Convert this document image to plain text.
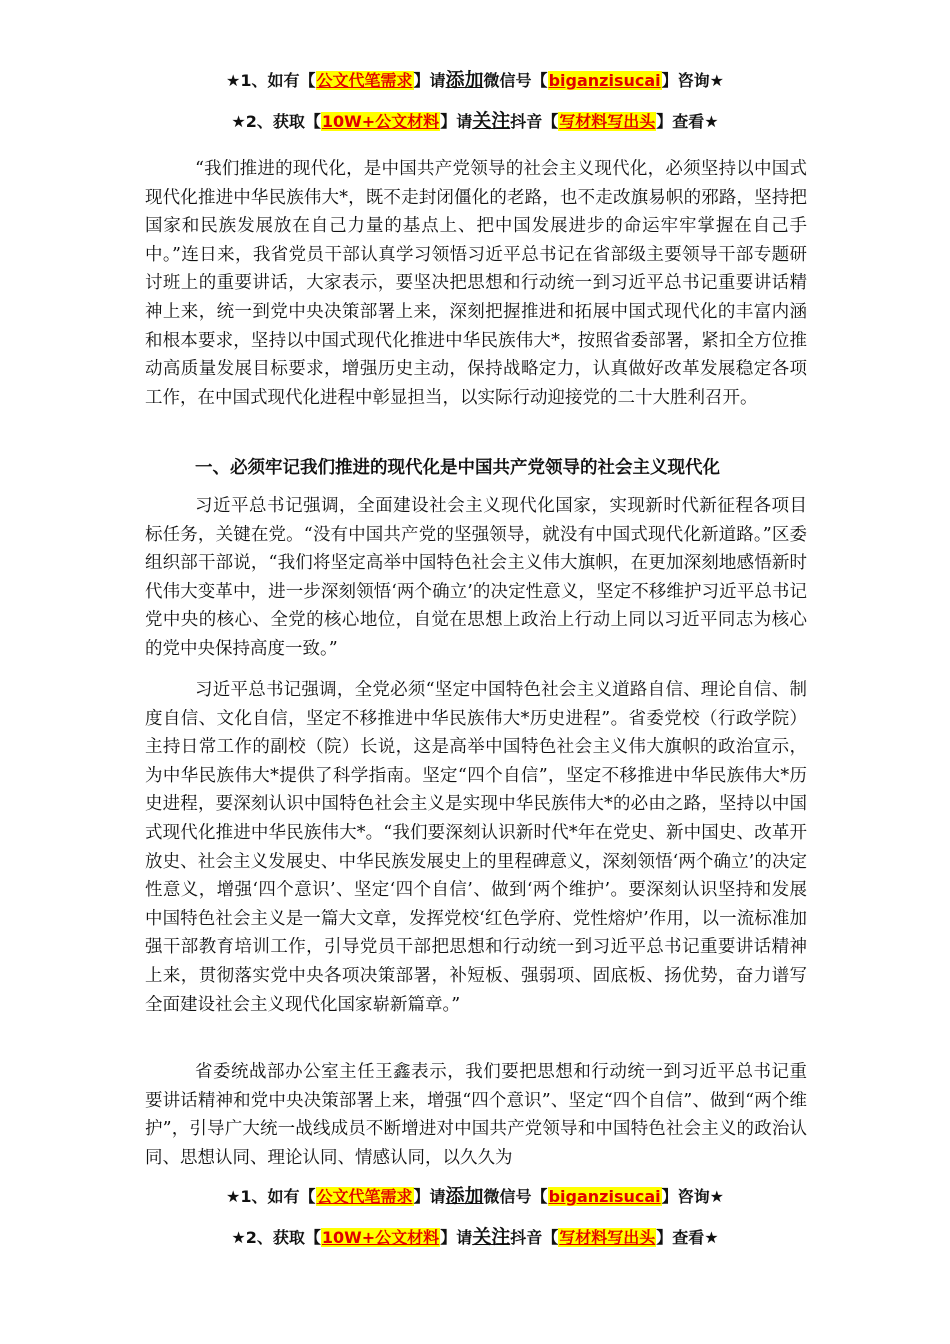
★1、如有【公文代笔需求】请添加微信号【biganzisucai】咨询★
★2、获取【10W+公文材料】请关注抖音【写材料写出头】查看★

“我们推进的现代化，是中国共产党领导的社会主义现代化，必须坚持以中国式现代化推进中华民族伟大*，既不走封闭僵化的老路，也不走改旗易帜的邪路，坚持把国家和民族发展放在自己力量的基点上、把中国发展进步的命运牢牢掌握在自己手中。”连日来，我省党员干部认真学习领悟习近平总书记在省部级主要领导干部专题研讨班上的重要讲话，大家表示，要坚决把思想和行动统一到习近平总书记重要讲话精神上来，统一到党中央决策部署上来，深刻把握推进和拓展中国式现代化的丰富内涵和根本要求，坚持以中国式现代化推进中华民族伟大*，按照省委部署，紧扣全方位推动高质量发展目标要求，增强历史主动，保持战略定力，认真做好改革发展稳定各项工作，在中国式现代化进程中彰显担当，以实际行动迎接党的二十大胜利召开。

一、必须牢记我们推进的现代化是中国共产党领导的社会主义现代化

习近平总书记强调，全面建设社会主义现代化国家，实现新时代新征程各项目标任务，关键在党。“没有中国共产党的坚强领导，就没有中国式现代化新道路。”区委组织部干部说，“我们将坚定高举中国特色社会主义伟大旗帜，在更加深刻地感悟新时代伟大变革中，进一步深刻领悟‘两个确立’的决定性意义，坚定不移维护习近平总书记党中央的核心、全党的核心地位，自觉在思想上政治上行动上同以习近平同志为核心的党中央保持高度一致。”

习近平总书记强调，全党必须“坚定中国特色社会主义道路自信、理论自信、制度自信、文化自信，坚定不移推进中华民族伟大*历史进程”。省委党校（行政学院）主持日常工作的副校（院）长说，这是高举中国特色社会主义伟大旗帜的政治宣示，为中华民族伟大*提供了科学指南。坚定“四个自信”，坚定不移推进中华民族伟大*历史进程，要深刻认识中国特色社会主义是实现中华民族伟大*的必由之路，坚持以中国式现代化推进中华民族伟大*。“我们要深刻认识新时代*年在党史、新中国史、改革开放史、社会主义发展史、中华民族发展史上的里程碑意义，深刻领悟‘两个确立’的决定性意义，增强‘四个意识’、坚定‘四个自信’、做到‘两个维护’。要深刻认识坚持和发展中国特色社会主义是一篇大文章，发挥党校‘红色学府、党性熔炉’作用，以一流标准加强干部教育培训工作，引导党员干部把思想和行动统一到习近平总书记重要讲话精神上来，贯彻落实党中央各项决策部署，补短板、强弱项、固底板、扬优势，奋力谱写全面建设社会主义现代化国家崭新篇章。”

省委统战部办公室主任王鑫表示，我们要把思想和行动统一到习近平总书记重要讲话精神和党中央决策部署上来，增强“四个意识”、坚定“四个自信”、做到“两个维护”，引导广大统一战线成员不断增进对中国共产党领导和中国特色社会主义的政治认同、思想认同、理论认同、情感认同，以久久为

★1、如有【公文代笔需求】请添加微信号【biganzisucai】咨询★
★2、获取【10W+公文材料】请关注抖音【写材料写出头】查看★
